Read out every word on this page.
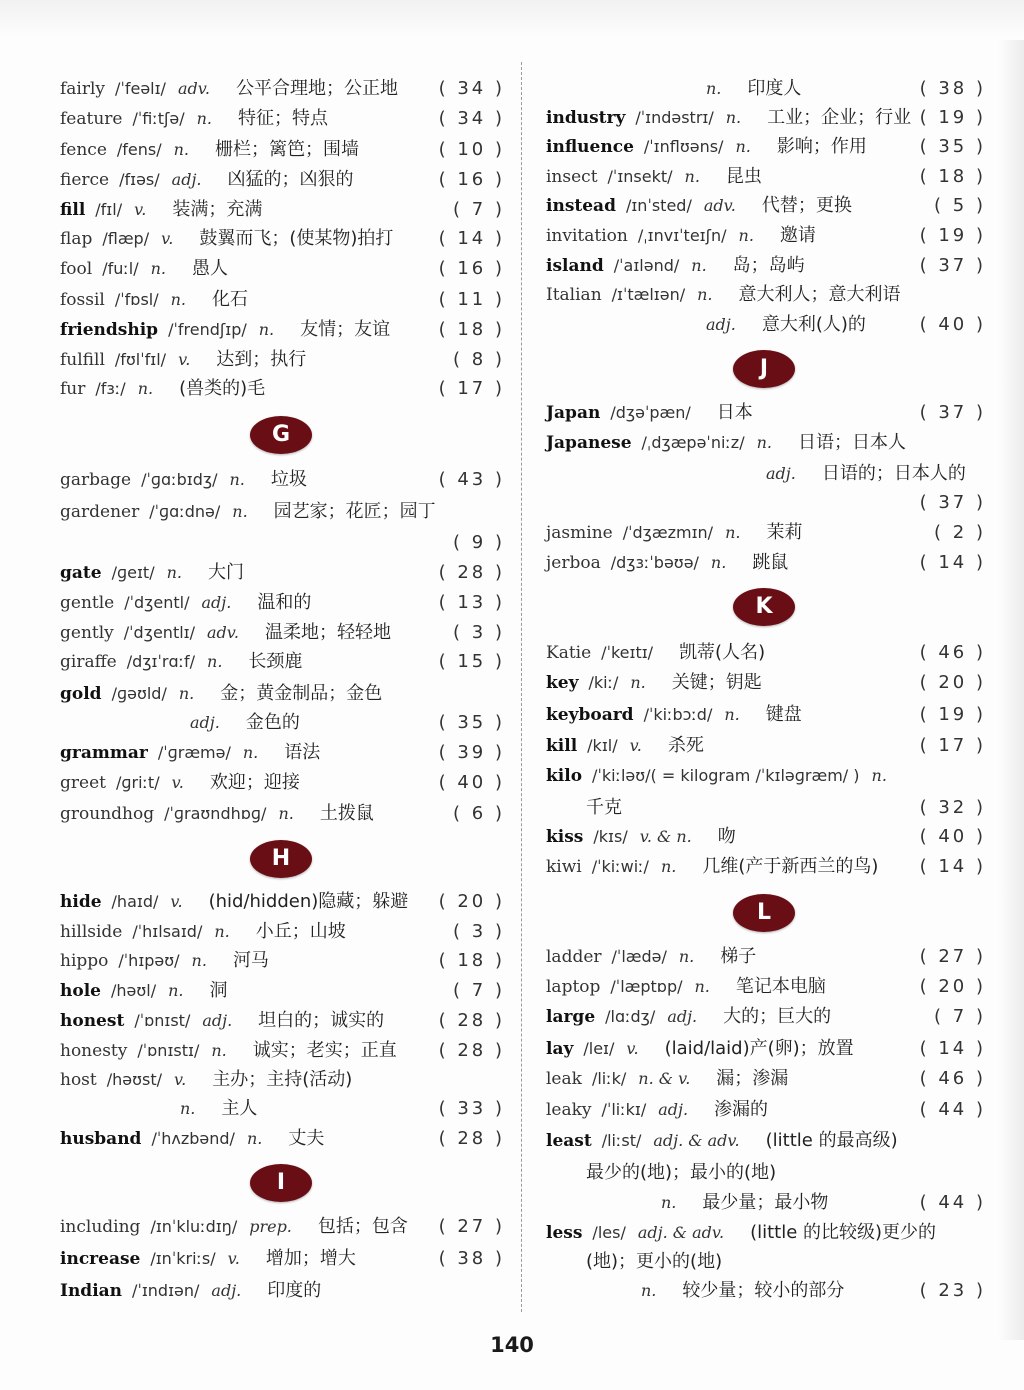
fairly /ˈfeəlɪ/ adv. 公平合理地；公正地 ( 34 )
feature /ˈfiːtʃə/ n. 特征；特点	( 34 )
fence /fens/ n. 栅栏；篱笆；围墙	( 10 )
fierce /fɪəs/ adj. 凶猛的；凶狠的	( 16 )
fill /fɪl/ v. 装满；充满	( 7 )
flap /flæp/ v. 鼓翼而飞；(使某物)拍打	( 14 )
fool /fuːl/ n. 愚人	( 16 )
fossil /ˈfɒsl/ n. 化石	( 11 )
friendship /ˈfrendʃɪp/ n. 友情；友谊	( 18 )
fulfill /fʊlˈfɪl/ v. 达到；执行	( 8 )
fur /fɜː/ n. (兽类的)毛	( 17 )
garbage /ˈɡɑːbɪdʒ/ n. 垃圾	( 43 )
gardener /ˈɡɑːdnə/ n. 园艺家；花匠；园丁
( 9 )
gate /ɡeɪt/ n. 大门	( 28 )
gentle /ˈdʒentl/ adj. 温和的	( 13 )
gently /ˈdʒentlɪ/ adv. 温柔地；轻轻地	( 3 )
giraffe /dʒɪˈrɑːf/ n. 长颈鹿	( 15 )
gold /ɡəʊld/ n. 金；黄金制品；金色
adj. 金色的	( 35 )
grammar /ˈɡræmə/ n. 语法	( 39 )
greet /ɡriːt/ v. 欢迎；迎接	( 40 )
groundhog /ˈɡraʊndhɒɡ/ n. 土拨鼠	( 6 )
hide /haɪd/ v. (hid/hidden)隐藏；躲避 ( 20 )
hillside /ˈhɪlsaɪd/ n. 小丘；山坡	( 3 )
hippo /ˈhɪpəʊ/ n. 河马	( 18 )
hole /həʊl/ n. 洞	( 7 )
honest /ˈɒnɪst/ adj. 坦白的；诚实的	( 28 )
honesty /ˈɒnɪstɪ/ n. 诚实；老实；正直 ( 28 )
host /həʊst/ v. 主办；主持(活动)
n. 主人	( 33 )
husband /ˈhʌzbənd/ n. 丈夫	( 28 )
including /ɪnˈkluːdɪŋ/ prep. 包括；包含 ( 27 )
increase /ɪnˈkriːs/ v. 增加；增大	( 38 )
Indian /ˈɪndɪən/ adj. 印度的
n. 印度人	( 38 )
industry /ˈɪndəstrɪ/ n. 工业；企业；行业 ( 19 )
influence /ˈɪnflʊəns/ n. 影响；作用	( 35 )
insect /ˈɪnsekt/ n. 昆虫	( 18 )
instead /ɪnˈsted/ adv. 代替；更换	( 5 )
invitation /ˌɪnvɪˈteɪʃn/ n. 邀请	( 19 )
island /ˈaɪlənd/ n. 岛；岛屿	( 37 )
Italian /ɪˈtælɪən/ n. 意大利人；意大利语
adj. 意大利(人)的	( 40 )
Japan /dʒəˈpæn/ 日本	( 37 )
Japanese /ˌdʒæpəˈniːz/ n. 日语；日本人
adj. 日语的；日本人的
( 37 )
jasmine /ˈdʒæzmɪn/ n. 茉莉	( 2 )
jerboa /dʒɜːˈbəʊə/ n. 跳鼠	( 14 )
Katie /ˈkeɪtɪ/ 凯蒂(人名)	( 46 )
key /kiː/ n. 关键；钥匙	( 20 )
keyboard /ˈkiːbɔːd/ n. 键盘	( 19 )
kill /kɪl/ v. 杀死	( 17 )
kilo /ˈkiːləʊ/( = kilogram /ˈkɪləɡræm/ ) n.
千克	( 32 )
kiss /kɪs/ v. & n. 吻	( 40 )
kiwi /ˈkiːwiː/ n. 几维(产于新西兰的鸟) ( 14 )
ladder /ˈlædə/ n. 梯子	( 27 )
laptop /ˈlæptɒp/ n. 笔记本电脑	( 20 )
large /lɑːdʒ/ adj. 大的；巨大的	( 7 )
lay /leɪ/ v. (laid/laid)产(卵)；放置	( 14 )
leak /liːk/ n. & v. 漏；渗漏	( 46 )
leaky /ˈliːkɪ/ adj. 渗漏的	( 44 )
least /liːst/ adj. & adv. (little 的最高级)
最少的(地)；最小的(地)
n. 最少量；最小物	( 44 )
less /les/ adj. & adv. (little 的比较级)更少的
(地)；更小的(地)
n. 较少量；较小的部分	( 23 )
G
H
I
J
K
L
140
